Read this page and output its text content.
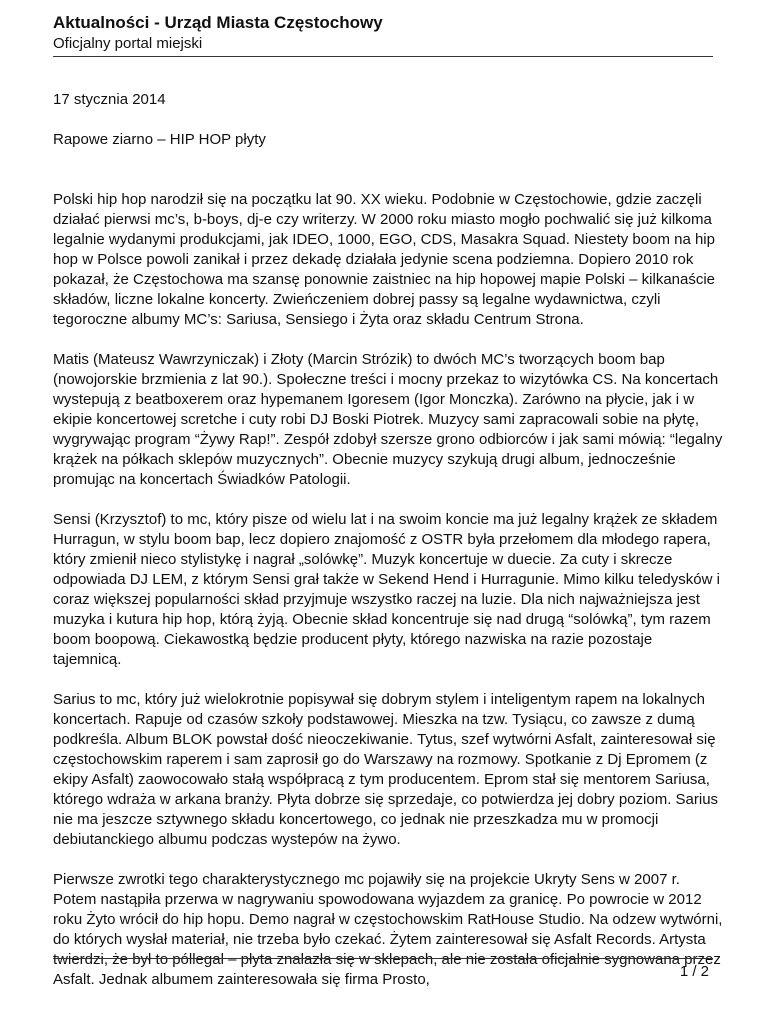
Aktualności - Urząd Miasta Częstochowy

Oficjalny portal miejski

17 stycznia 2014

Rapowe ziarno – HIP HOP płyty

Polski hip hop narodził się na początku lat 90. XX wieku. Podobnie w Częstochowie, gdzie zaczęli działać pierwsi mc’s, b-boys, dj-e czy writerzy. W 2000 roku miasto mogło pochwalić się już kilkoma legalnie wydanymi produkcjami, jak IDEO, 1000, EGO, CDS, Masakra Squad. Niestety boom na hip hop w Polsce powoli zanikał i przez dekadę działała jedynie scena podziemna. Dopiero 2010 rok pokazał, że Częstochowa ma szansę ponownie zaistniec na hip hopowej mapie Polski – kilkanaście składów, liczne lokalne koncerty. Zwieńczeniem dobrej passy są legalne wydawnictwa, czyli tegoroczne albumy MC’s: Sariusa, Sensiego i Żyta oraz składu Centrum Strona.

Matis (Mateusz Wawrzyniczak) i Złoty (Marcin Strózik) to dwóch MC’s tworzących boom bap (nowojorskie brzmienia z lat 90.). Społeczne treści i mocny przekaz to wizytówka CS. Na koncertach wystepują z beatboxerem oraz hypemanem Igoresem (Igor Monczka). Zarówno na płycie, jak i w ekipie koncertowej scretche i cuty robi DJ Boski Piotrek. Muzycy sami zapracowali sobie na płytę, wygrywając program “Żywy Rap!”. Zespół zdobył szersze grono odbiorców i jak sami mówią: “legalny krążek na półkach sklepów muzycznych”. Obecnie muzycy szykują drugi album, jednocześnie promując na koncertach Świadków Patologii.

Sensi (Krzysztof) to mc, który pisze od wielu lat i na swoim koncie ma już legalny krążek ze składem Hurragun, w stylu boom bap, lecz dopiero znajomość z OSTR była przełomem dla młodego rapera, który zmienił nieco stylistykę i nagrał „solówkę”. Muzyk koncertuje w duecie. Za cuty i skrecze odpowiada DJ LEM, z którym Sensi grał także w Sekend Hend i Hurragunie. Mimo kilku teledysków i coraz większej popularności skład przyjmuje wszystko raczej na luzie. Dla nich najważniejsza jest muzyka i kutura hip hop, którą żyją. Obecnie skład koncentruje się nad drugą “solówką”, tym razem boom boopową. Ciekawostką będzie producent płyty, którego nazwiska na razie pozostaje tajemnicą.

Sarius to mc, który już wielokrotnie popisywał się dobrym stylem i inteligentym rapem na lokalnych koncertach. Rapuje od czasów szkoły podstawowej. Mieszka na tzw. Tysiącu, co zawsze z dumą podkreśla. Album BLOK powstał dość nieoczekiwanie. Tytus, szef wytwórni Asfalt, zainteresował się częstochowskim raperem i sam zaprosił go do Warszawy na rozmowy. Spotkanie z Dj Epromem (z ekipy Asfalt) zaowocowało stałą współpracą z tym producentem. Eprom stał się mentorem Sariusa, którego wdraża w arkana branży. Płyta dobrze się sprzedaje, co potwierdza jej dobry poziom. Sarius nie ma jeszcze sztywnego składu koncertowego, co jednak nie przeszkadza mu w promocji debiutanckiego albumu podczas wystepów na żywo.

Pierwsze zwrotki tego charakterystycznego mc pojawiły się na projekcie Ukryty Sens w 2007 r. Potem nastąpiła przerwa w nagrywaniu spowodowana wyjazdem za granicę. Po powrocie w 2012 roku Żyto wrócił do hip hopu. Demo nagrał w częstochowskim RatHouse Studio. Na odzew wytwórni, do których wysłał materiał, nie trzeba było czekać. Żytem zainteresował się Asfalt Records. Artysta twierdzi, że był to póllegal – płyta znalazła się w sklepach, ale nie została oficjalnie sygnowana przez Asfalt. Jednak albumem zainteresowała się firma Prosto,	1 / 2
